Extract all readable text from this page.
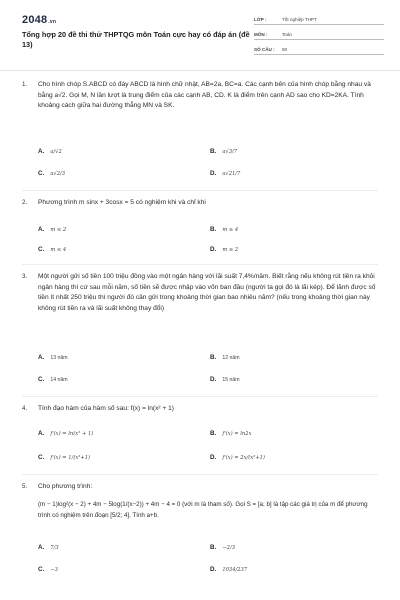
2048.vn
Tổng hợp 20 đề thi thử THPTQG môn Toán cực hay có đáp án (đề 13)
LỚP :	Tốt nghiệp THPT
MÔN :	Toán
SỐ CÂU :	50
1. Cho hình chóp S.ABCD có đáy ABCD là hình chữ nhật, AB=2a, BC=a. Các cạnh bên của hình chóp bằng nhau và bằng a√2. Gọi M, N lần lượt là trung điểm của các cạnh AB, CD. K là điểm trên cạnh AD sao cho KD=2KA. Tính khoảng cách giữa hai đường thẳng MN và SK.
A. a/√2	B. a√3/7
C. a√2/3	D. a√21/7
2. Phương trình m sinx + 3cosx = 5 có nghiệm khi và chỉ khi
A. m ≤ 2	B. m ≥ 4
C. m ≤ 4	D. m ≥ 2
3. Một người gửi số tiền 100 triệu đồng vào một ngân hàng với lãi suất 7,4%/năm. Biết rằng nếu không rút tiền ra khỏi ngân hàng thì cứ sau mỗi năm, số tiền sẽ được nhập vào vốn ban đầu (người ta gọi đó là lãi kép). Để lãnh được số tiền ít nhất 250 triệu thì người đó cần gửi trong khoảng thời gian bao nhiêu năm? (nếu trong khoảng thời gian này không rút tiền ra và lãi suất không thay đổi)
A. 13 năm	B. 12 năm
C. 14 năm	D. 15 năm
4. Tính đạo hàm của hàm số sau: f(x) = ln(x² + 1)
A. f'(x) = ln(x² + 1)	B. f'(x) = ln2x
C. f'(x) = 1/(x²+1)	D. f'(x) = 2x/(x²+1)
5. Cho phương trình:
(m − 1)log²(x − 2) + 4m − 5log(1/(x−2)) + 4m − 4 = 0 (với m là tham số). Gọi S = [a; b] là tập các giá trị của m để phương trình có nghiệm trên đoạn [5/2; 4]. Tính a+b.
A. 7/3	B. −2/3
C. −3	D. 1034/237
